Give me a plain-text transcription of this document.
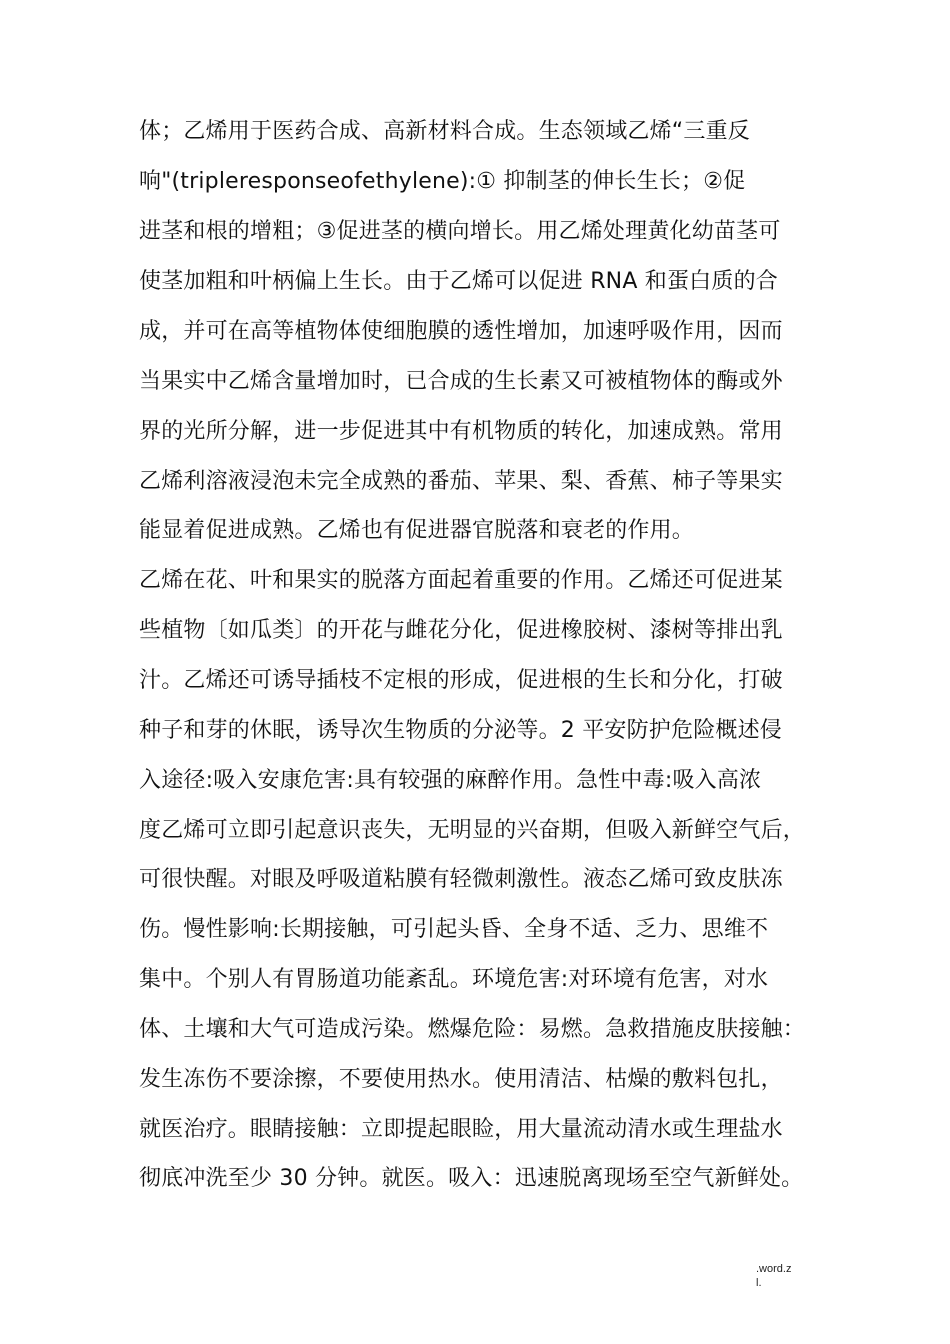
体；乙烯用于医药合成、高新材料合成。生态领域乙烯“三重反
响"(tripleresponseofethylene):① 抑制茎的伸长生长；②促
进茎和根的增粗；③促进茎的横向增长。用乙烯处理黄化幼苗茎可
使茎加粗和叶柄偏上生长。由于乙烯可以促进 RNA 和蛋白质的合
成，并可在高等植物体使细胞膜的透性增加，加速呼吸作用，因而
当果实中乙烯含量增加时，已合成的生长素又可被植物体的酶或外
界的光所分解，进一步促进其中有机物质的转化，加速成熟。常用
乙烯利溶液浸泡未完全成熟的番茄、苹果、梨、香蕉、柿子等果实
能显着促进成熟。乙烯也有促进器官脱落和衰老的作用。
乙烯在花、叶和果实的脱落方面起着重要的作用。乙烯还可促进某
些植物〔如瓜类〕的开花与雌花分化，促进橡胶树、漆树等排出乳
汁。乙烯还可诱导插枝不定根的形成，促进根的生长和分化，打破
种子和芽的休眠，诱导次生物质的分泌等。2 平安防护危险概述侵
入途径:吸入安康危害:具有较强的麻醉作用。急性中毒:吸入高浓
度乙烯可立即引起意识丧失，无明显的兴奋期，但吸入新鲜空气后，
可很快醒。对眼及呼吸道粘膜有轻微刺激性。液态乙烯可致皮肤冻
伤。慢性影响:长期接触，可引起头昏、全身不适、乏力、思维不
集中。个别人有胃肠道功能紊乱。环境危害:对环境有危害，对水
体、土壤和大气可造成污染。燃爆危险：易燃。急救措施皮肤接触：
发生冻伤不要涂擦，不要使用热水。使用清洁、枯燥的敷料包扎，
就医治疗。眼睛接触：立即提起眼睑，用大量流动清水或生理盐水
彻底冲洗至少 30 分钟。就医。吸入：迅速脱离现场至空气新鲜处。
.word.z
l.
